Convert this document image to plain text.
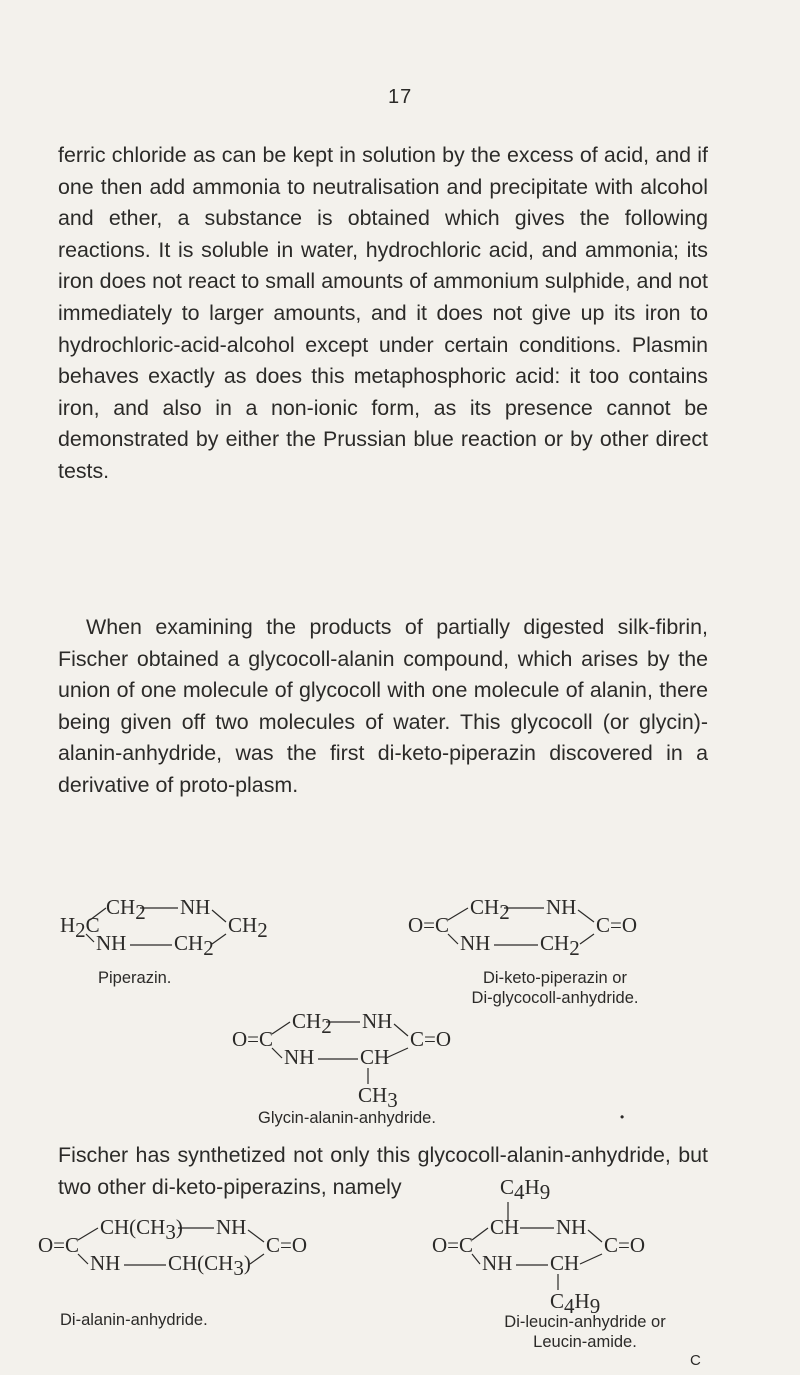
17

ferric chloride as can be kept in solution by the excess of acid, and if one then add ammonia to neutralisation and precipitate with alcohol and ether, a substance is obtained which gives the following reactions. It is soluble in water, hydrochloric acid, and ammonia; its iron does not react to small amounts of ammonium sulphide, and not immediately to larger amounts, and it does not give up its iron to hydrochloric-acid-alcohol except under certain conditions. Plasmin behaves exactly as does this metaphosphoric acid: it too contains iron, and also in a non-ionic form, as its presence cannot be demonstrated by either the Prussian blue reaction or by other direct tests.

When examining the products of partially digested silk-fibrin, Fischer obtained a glycocoll-alanin compound, which arises by the union of one molecule of glycocoll with one molecule of alanin, there being given off two molecules of water. This glycocoll (or glycin)-alanin-anhydride, was the first di-keto-piperazin discovered in a derivative of proto-plasm.

H2C
CH2 NH
CH2
NH CH2
Piperazin.
O=C
CH2 NH
C=O
NH CH2
Di-keto-piperazin or
Di-glycocoll-anhydride.
O=C
CH2 NH
C=O
NH CH
CH3
Glycin-alanin-anhydride.	•

Fischer has synthetized not only this glycocoll-alanin-anhydride, but two other di-keto-piperazins, namely

O=C
CH(CH3) NH
C=O
NH CH(CH3)
Di-alanin-anhydride.
C4H9
O=C
CH NH
C=O
NH CH
C4H9
Di-leucin-anhydride or
Leucin-amide.
C
